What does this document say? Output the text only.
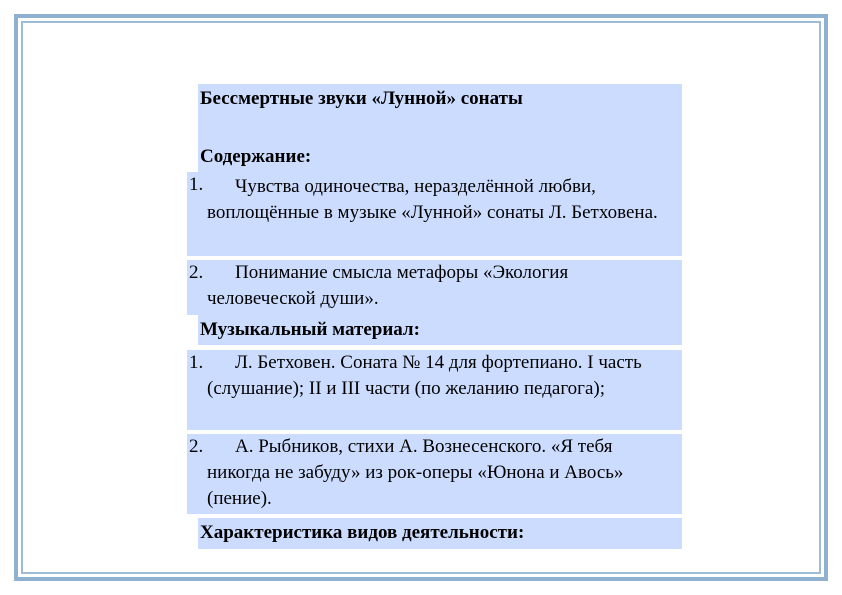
Бессмертные звуки «Лунной» сонаты
Содержание:
1.	Чувства одиночества, неразделённой любви, воплощённые в музыке «Лунной» сонаты Л. Бетховена.
2.	Понимание смысла метафоры «Экология человеческой души».
Музыкальный материал:
1.	Л. Бетховен. Соната № 14 для фортепиано. I часть (слушание); II и III части (по желанию педагога);
2.	А. Рыбников, стихи А. Вознесенского. «Я тебя никогда не забуду» из рок-оперы «Юнона и Авось» (пение).
Характеристика видов деятельности:
